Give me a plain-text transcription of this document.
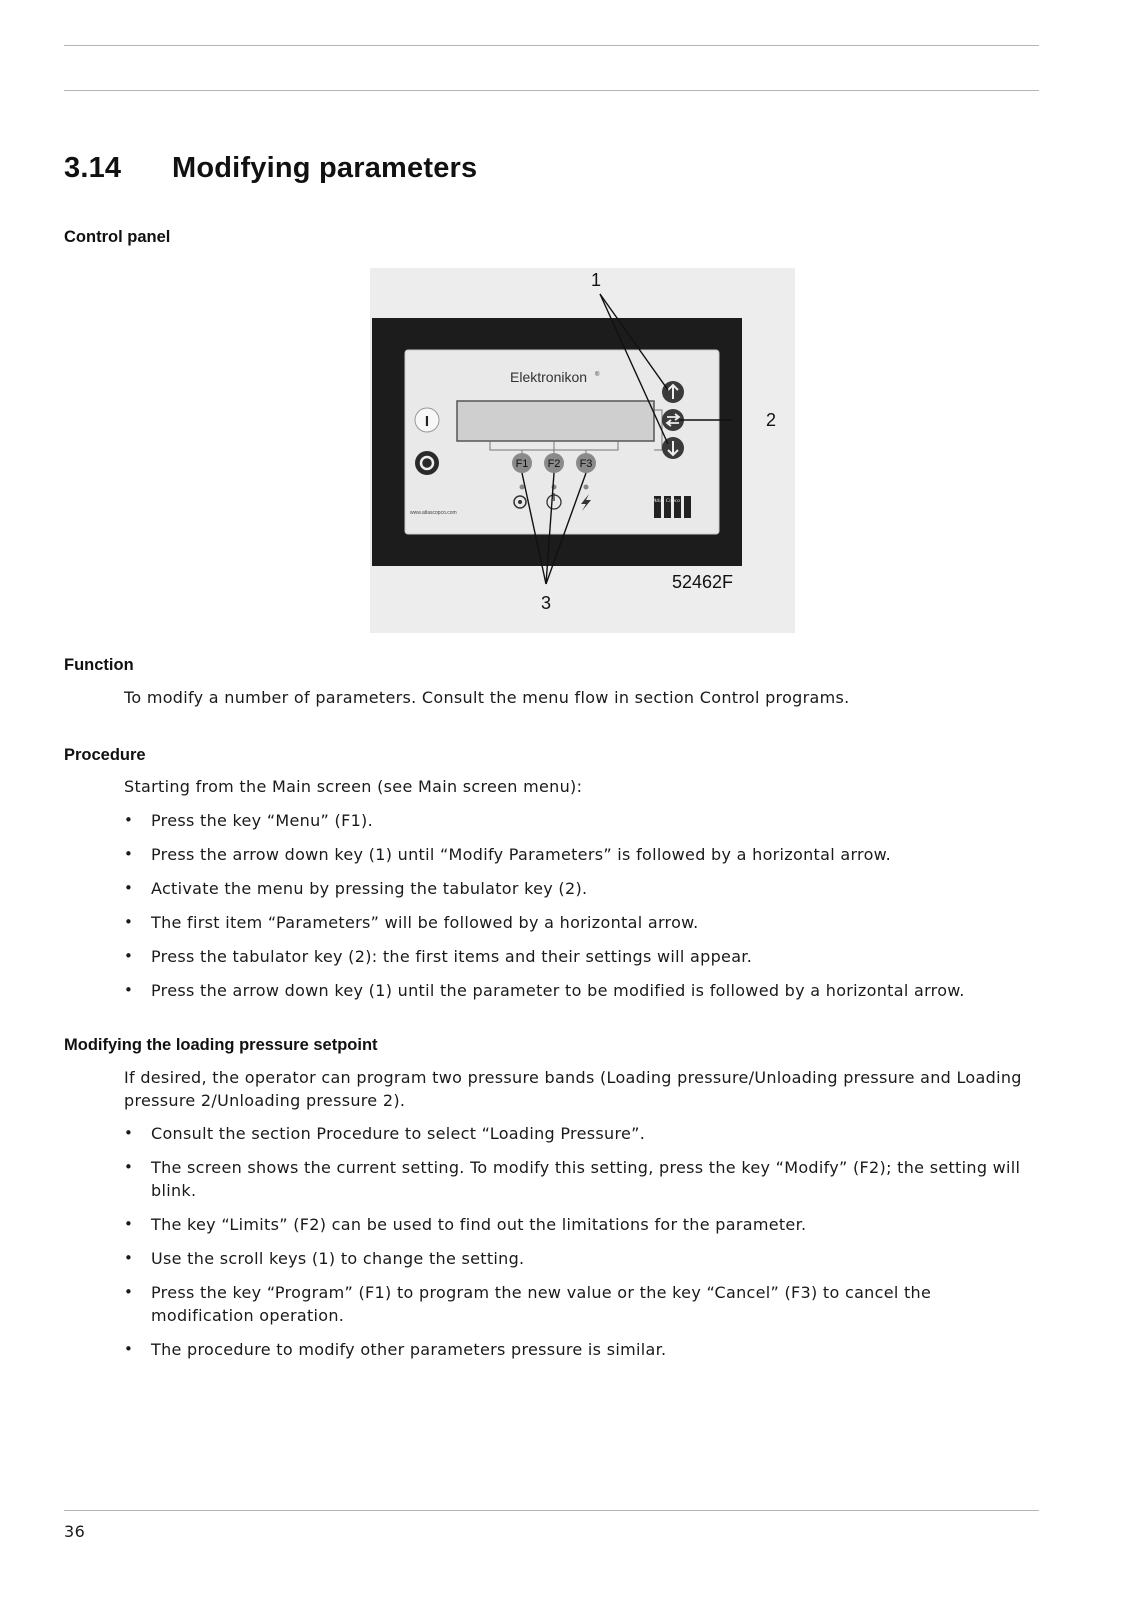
3.14 Modifying parameters
Control panel
Elektronikon ®
I
F1 F2 F3
www.atlascopco.com
Atlas Copco
1
2
3
52462F
Function

To modify a number of parameters. Consult the menu flow in section Control programs.

Procedure

Starting from the Main screen (see Main screen menu):

• Press the key “Menu” (F1).
• Press the arrow down key (1) until “Modify Parameters” is followed by a horizontal arrow.
• Activate the menu by pressing the tabulator key (2).
• The first item “Parameters” will be followed by a horizontal arrow.
• Press the tabulator key (2): the first items and their settings will appear.
• Press the arrow down key (1) until the parameter to be modified is followed by a horizontal arrow.
Modifying the loading pressure setpoint

If desired, the operator can program two pressure bands (Loading pressure/Unloading pressure and Loading pressure 2/Unloading pressure 2).

• Consult the section Procedure to select “Loading Pressure”.
• The screen shows the current setting. To modify this setting, press the key “Modify” (F2); the setting will blink.
• The key “Limits” (F2) can be used to find out the limitations for the parameter.
• Use the scroll keys (1) to change the setting.
• Press the key “Program” (F1) to program the new value or the key “Cancel” (F3) to cancel the modification operation.
• The procedure to modify other parameters pressure is similar.
36
